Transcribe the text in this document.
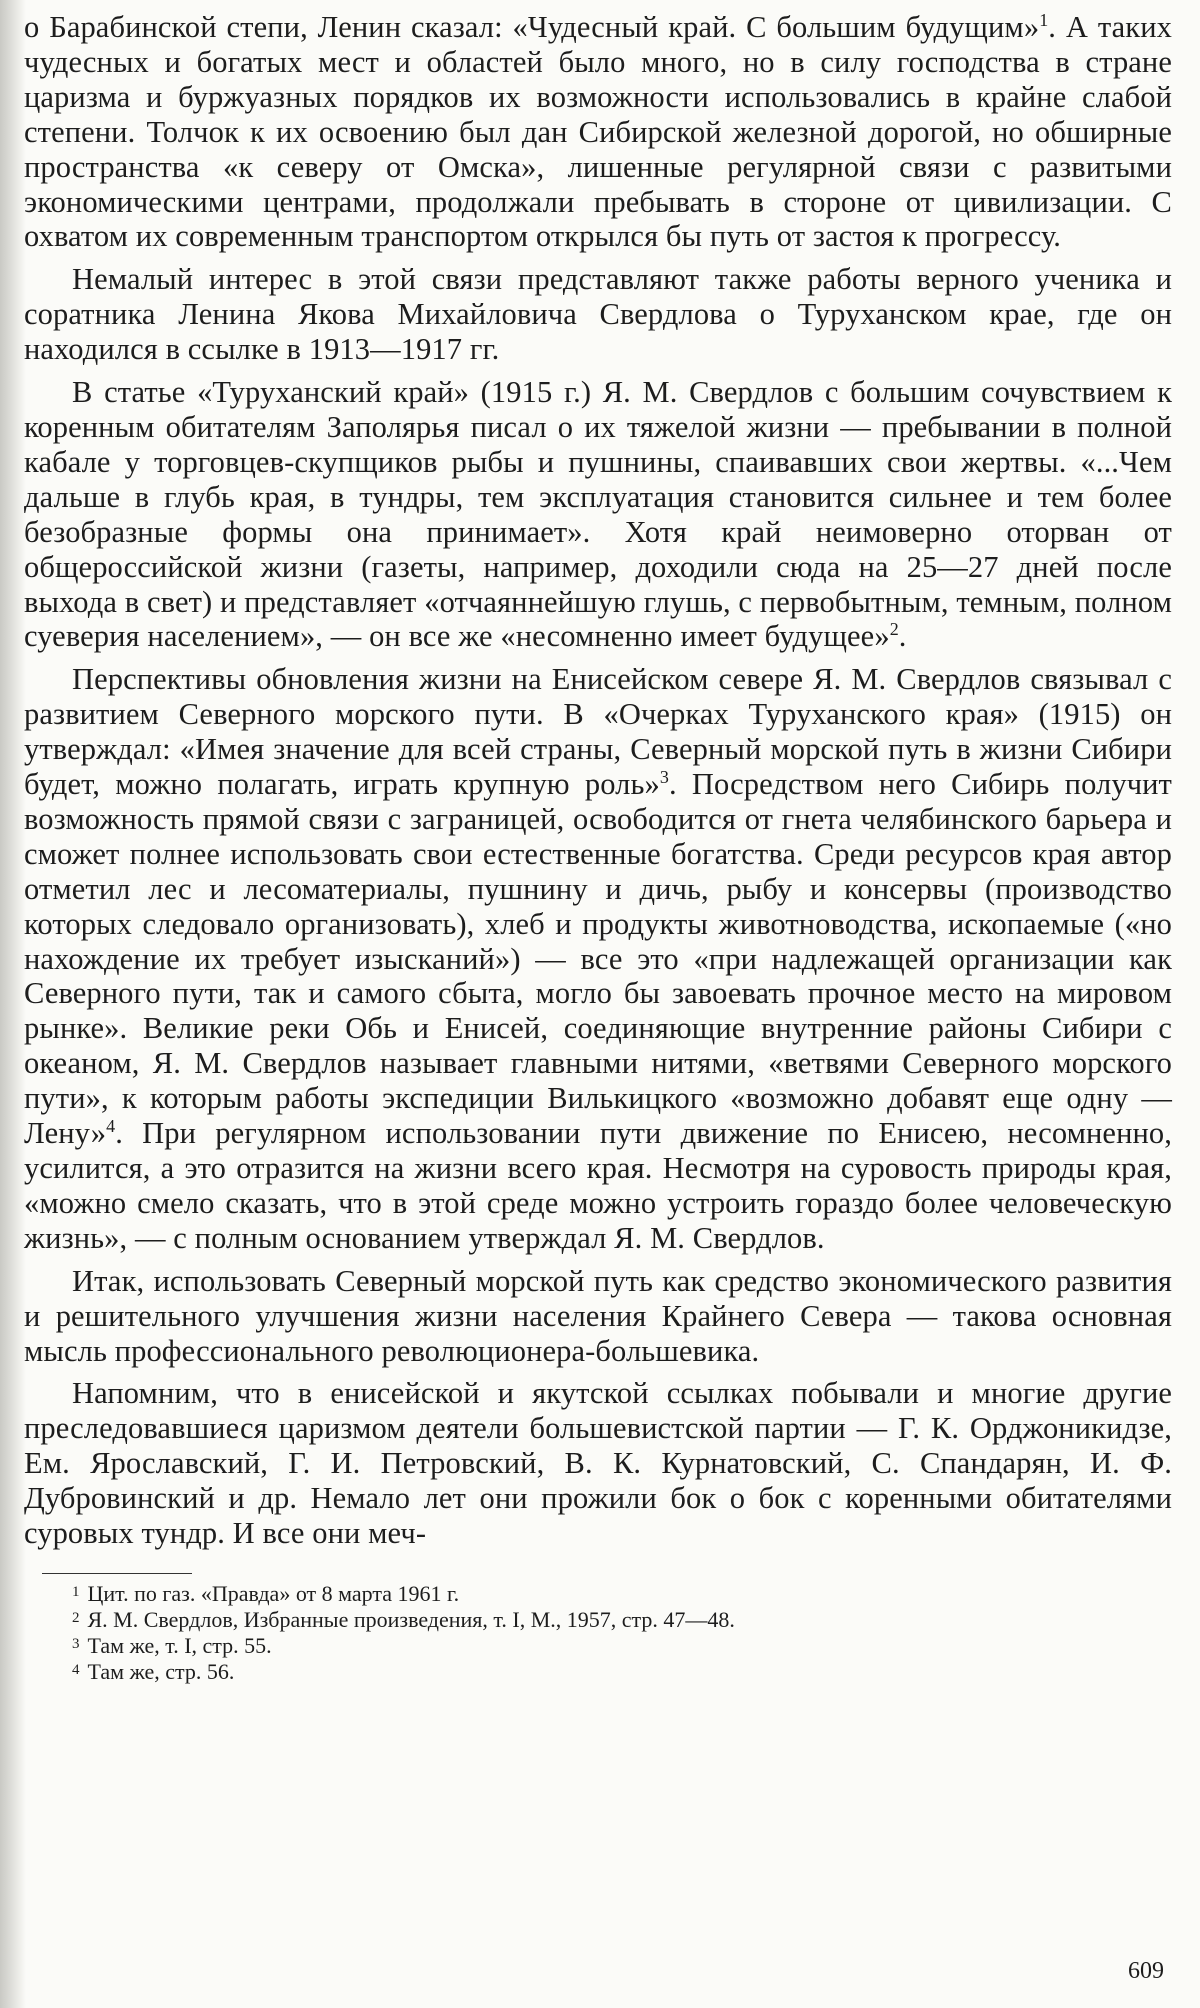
о Барабинской степи, Ленин сказал: «Чудесный край. С большим будущим»$^1$. А таких чудесных и богатых мест и областей было много, но в силу господства в стране царизма и буржуазных порядков их возможности использовались в крайне слабой степени. Толчок к их освоению был дан Сибирской железной дорогой, но обширные пространства «к северу от Омска», лишенные регулярной связи с развитыми экономическими центрами, продолжали пребывать в стороне от цивилизации. С охватом их современным транспортом открылся бы путь от застоя к прогрессу.

Немалый интерес в этой связи представляют также работы верного ученика и соратника Ленина Якова Михайловича Свердлова о Туруханском крае, где он находился в ссылке в 1913—1917 гг.

В статье «Туруханский край» (1915 г.) Я. М. Свердлов с большим сочувствием к коренным обитателям Заполярья писал о их тяжелой жизни — пребывании в полной кабале у торговцев-скупщиков рыбы и пушнины, спаивавших свои жертвы. «...Чем дальше в глубь края, в тундры, тем эксплуатация становится сильнее и тем более безобразные формы она принимает». Хотя край неимоверно оторван от общероссийской жизни (газеты, например, доходили сюда на 25—27 дней после выхода в свет) и представляет «отчаяннейшую глушь, с первобытным, темным, полном суеверия населением», — он все же «несомненно имеет будущее»$^2$.

Перспективы обновления жизни на Енисейском севере Я. М. Свердлов связывал с развитием Северного морского пути. В «Очерках Туруханского края» (1915) он утверждал: «Имея значение для всей страны, Северный морской путь в жизни Сибири будет, можно полагать, играть крупную роль»$^3$. Посредством него Сибирь получит возможность прямой связи с заграницей, освободится от гнета челябинского барьера и сможет полнее использовать свои естественные богатства. Среди ресурсов края автор отметил лес и лесоматериалы, пушнину и дичь, рыбу и консервы (производство которых следовало организовать), хлеб и продукты животноводства, ископаемые («но нахождение их требует изысканий») — все это «при надлежащей организации как Северного пути, так и самого сбыта, могло бы завоевать прочное место на мировом рынке». Великие реки Обь и Енисей, соединяющие внутренние районы Сибири с океаном, Я. М. Свердлов называет главными нитями, «ветвями Северного морского пути», к которым работы экспедиции Вилькицкого «возможно добавят еще одну — Лену»$^4$. При регулярном использовании пути движение по Енисею, несомненно, усилится, а это отразится на жизни всего края. Несмотря на суровость природы края, «можно смело сказать, что в этой среде можно устроить гораздо более человеческую жизнь», — с полным основанием утверждал Я. М. Свердлов.

Итак, использовать Северный морской путь как средство экономического развития и решительного улучшения жизни населения Крайнего Севера — такова основная мысль профессионального революционера-большевика.

Напомним, что в енисейской и якутской ссылках побывали и многие другие преследовавшиеся царизмом деятели большевистской партии — Г. К. Орджоникидзе, Ем. Ярославский, Г. И. Петровский, В. К. Курнатовский, С. Спандарян, И. Ф. Дубровинский и др. Немало лет они прожили бок о бок с коренными обитателями суровых тундр. И все они меч-

$^1$ Цит. по газ. «Правда» от 8 марта 1961 г.
$^2$ Я. М. Свердлов, Избранные произведения, т. I, М., 1957, стр. 47—48.
$^3$ Там же, т. I, стр. 55.
$^4$ Там же, стр. 56.
609
